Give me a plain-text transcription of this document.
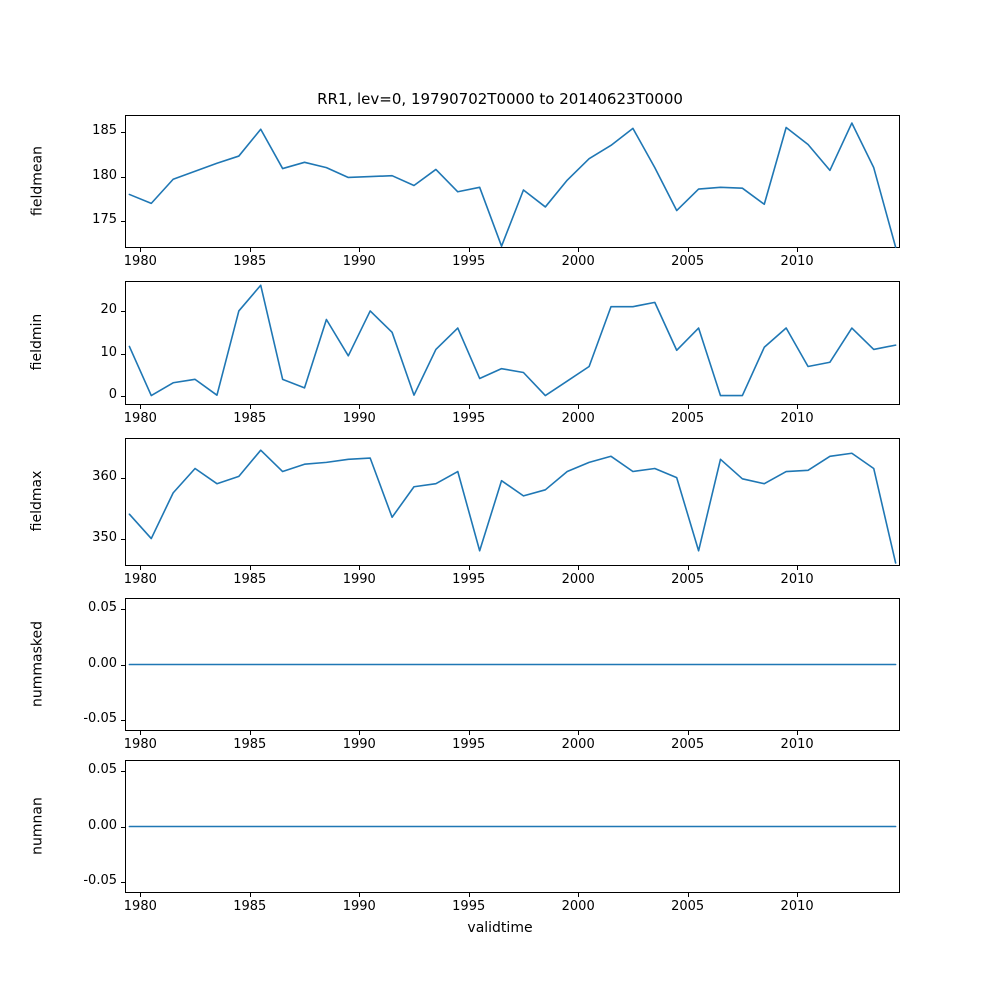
RR1, lev=0, 19790702T0000 to 20140623T0000
validtime
1980	1985	1990	1995	2000	2005	2010
175
180
185
fieldmean
1980	1985	1990	1995	2000	2005	2010
0
10
20
fieldmin
1980	1985	1990	1995	2000	2005	2010
350
360
fieldmax
1980	1985	1990	1995	2000	2005	2010
-0.05
0.00
0.05
nummasked
1980	1985	1990	1995	2000	2005	2010
-0.05
0.00
0.05
numnan
